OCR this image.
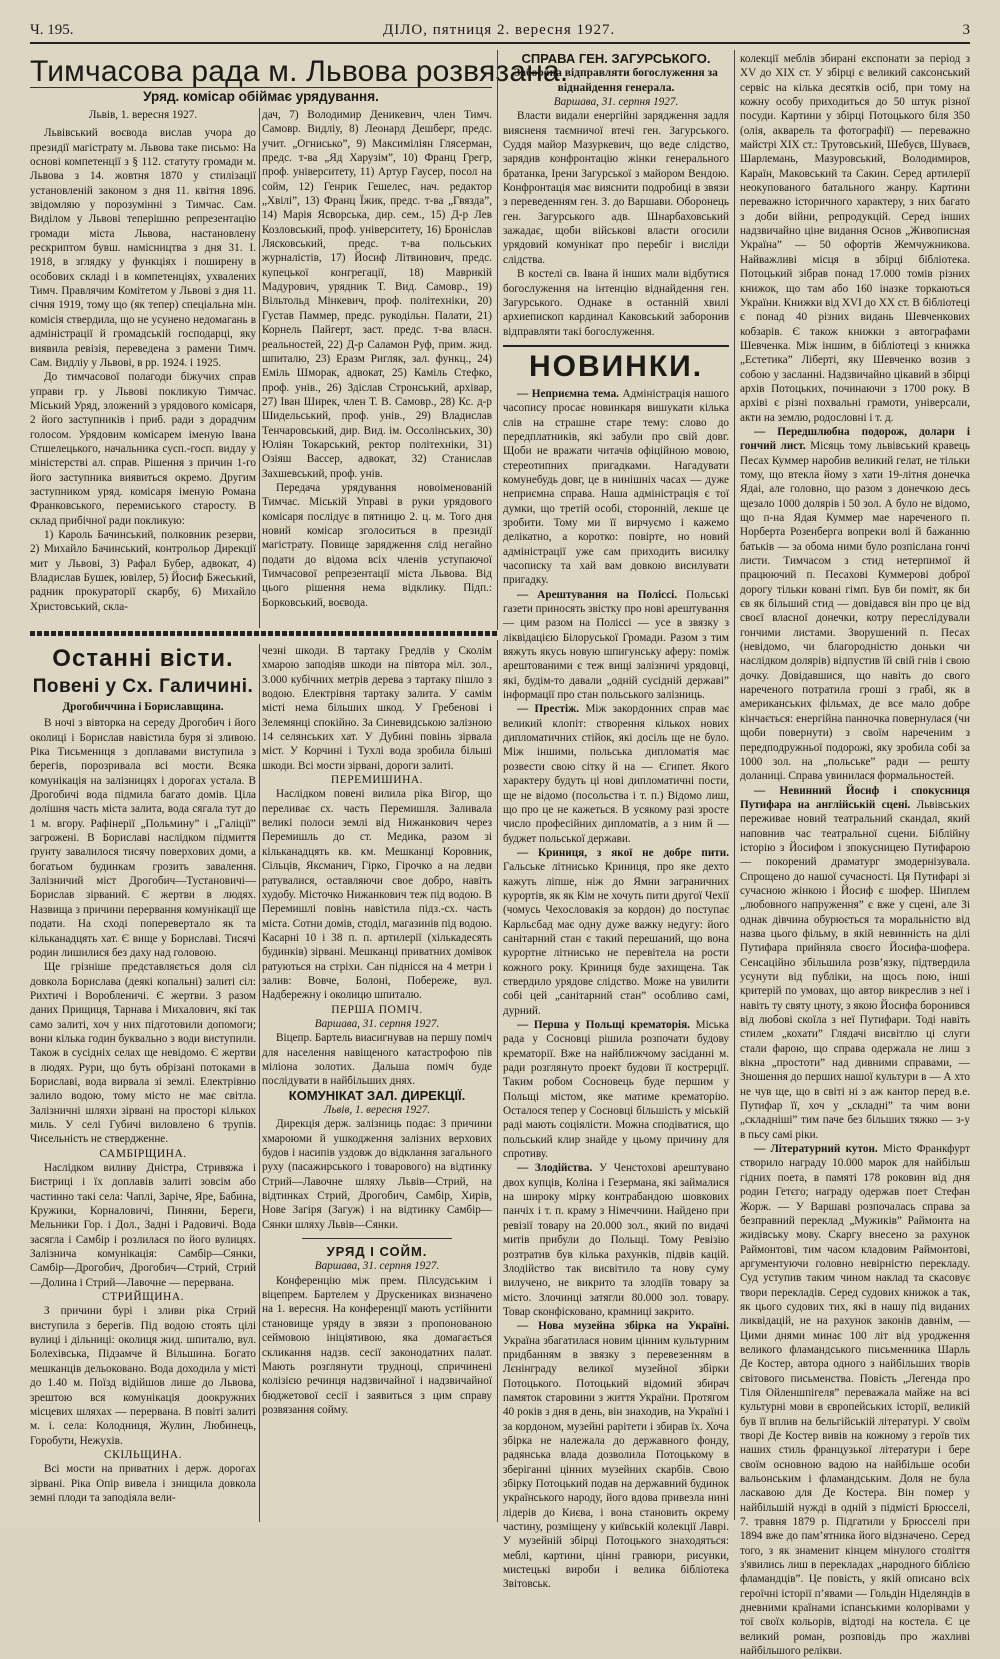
Ч. 195.	ДІЛО, пятниця 2. вересня 1927.	3
Тимчасова рада м. Львова розвязана.
Уряд. комісар обіймає урядування.

Львів, 1. вересня 1927.

Львівський воєвода вислав учора до президії магістрату м. Львова таке письмо: На основі компетенції з § 112. статуту громади м. Львова з 14. жовтня 1870 у стилізації установленій законом з дня 11. квітня 1896. звідомляю у порозумінні з Тимчас. Сам. Виділом у Львові теперішню репрезентацію громади міста Львова, настановлену рескриптом бувш. намісництва з дня 31. I. 1918, в зглядку у функціях і поширену в особових складі і в компетенціях, ухвалених Тимч. Правлячим Комітетом у Львові з дня 11. січня 1919, тому що (як тепер) спеціальна мін. комісія ствердила, що не усунено недомагань в адміністрації й громадській господарці, яку виявила ревізія, переведена з рамени Тимч. Сам. Видліу у Львові, в рр. 1924. і 1925.

До тимчасової полагоди біжучих справ управи гр. у Львові покликую Тимчас. Міський Уряд, зложений з урядового комісаря, 2 його заступників і приб. ради з дорадчим голосом. Урядовим комісарем іменую Івана Стшелецького, начальника сусп.-госп. видлу у міністерстві ал. справ. Рішення з причин 1-го його заступника виявиться окремо. Другим заступником уряд. комісаря іменую Романа Франковського, перемиського старосту. В склад прибічної ради покликую:

1) Кароль Бачинський, полковник резерви, 2) Михайло Бачинський, контрольор Дирекції мит у Львові, 3) Рафал Бубер, адвокат, 4) Владислав Бушек, ювілер, 5) Йосиф Бжеський, радник прокураторії скарбу, 6) Михайло Христовський, скла-

дач, 7) Володимир Деникевич, член Тимч. Самовр. Видліу, 8) Леонард Дешберг, предс. учит. „Огнисько”, 9) Максиміліян Глясерман, предс. т-ва „Яд Харузім”, 10) Франц Грегр, проф. університету, 11) Артур Гаусер, посол на сойм, 12) Генрик Гешелес, нач. редактор „Хвілі”, 13) Франц Їжик, предс. т-ва „Гвязда”, 14) Марія Ясворська, дир. сем., 15) Д-р Лев Козловський, проф. університету, 16) Броніслав Лясковський, предс. т-ва польських журналістів, 17) Йосиф Літвинович, предс. купецької конгрегації, 18) Маврикій Мадурович, урядник Т. Вид. Самовр., 19) Вільтольд Мінкевич, проф. політехніки, 20) Густав Паммер, предс. рукодільн. Палати, 21) Корнель Пайгерт, заст. предс. т-ва власн. реальностей, 22) Д-р Саламон Руф, прим. жид. шпиталю, 23) Еразм Ригляк, зал. функц., 24) Еміль Шморак, адвокат, 25) Каміль Стефко, проф. унів., 26) Здіслав Стронський, архівар, 27) Іван Ширек, член Т. В. Самовр., 28) Кс. д-р Шидельський, проф. унів., 29) Владислав Тенчаровський, дир. Вид. ім. Оссолінських, 30) Юліян Токарський, ректор політехніки, 31) Озіяш Вассер, адвокат, 32) Станислав Захшевський, проф. унів.

Передача урядування новоіменованій Тимчас. Міській Управі в руки урядового комісаря послідує в пятницю 2. ц. м. Того дня новий комісар зголоситься в президії магістрату. Повище зарядження слід негайно подати до відома всіх членів уступаючої Тимчасової репрезентації міста Львова. Від цього рішення нема відклику. Підп.: Борковський, воєвода.

СПРАВА ГЕН. ЗАГУРСЬКОГО.

Заборона відправляти богослуження за віднайдення генерала.

Варшава, 31. серпня 1927.

Власти видали енергійні зарядження задля виясненя таємничої втечі ген. Загурського. Суддя майор Мазуркевич, що веде слідство, зарядив конфронтацію жінки генерального братанка, Ірени Загурської з майором Вендою. Конфронтація має вияснити подробиці в звязи з переведенням ген. З. до Варшави. Оборонець ген. Загурського адв. Шнарбаховський зажадає, щоби військові власти огосили урядовий комунікат про перебіг і висліди слідства.

В костелі св. Івана й інших мали відбутися богослуження на інтенцію віднайдення ген. Загурського. Однаке в останній хвилі архиепископ кардинал Каковський заборонив відправляти такі богослуження.

НОВИНКИ.

— Неприємна тема. Адміністрація нашого часопису просає новинкаря вишукати кілька слів на страшне старе тему: слово до передплатників, які забули про свій довг. Щоби не вражати читачів офіційною мовою, стереотипних пригадками. Нагадувати комунебудь довг, це в нинішніх часах — дуже неприємна справа. Наша адміністрація є тої думки, що третій особі, сторонній, лекше це зробити. Тому ми її вирчуємо і кажемо делікатно, а коротко: повірте, но новий адміністрації уже сам приходить висилку часописку та хай вам довкою висилувати пригадку.

— Арештування на Поліссі. Польські газети приносять звістку про нові арештування — цим разом на Поліссі — усе в звязку з ліквідацією Білоруської Громади. Разом з тим вяжуть якусь новую шпигунську аферу: поміж арештованими є теж вищі залізничі урядовці, які, будім-то давали „одній сусідній державі” інформації про стан польського залізниць.

— Престіж. Між закордонних справ має великий клопіт: створення кількох нових дипломатичних стійок, які досіль ще не було. Між іншими, польська дипломатія має розвести свою сітку й на — Єгипет. Якого характеру будуть ці нові дипломатичні пости, ще не відомо (посольства і т. п.) Відомо лиш, що про це не кажеться. В усякому разі зросте число професійних дипломатів, а з ним й — буджет польської держави.

— Криниця, з якої не добре пити. Гальське літнисько Криниця, про яке дехто кажуть ліпше, ніж до Ямни заграничних курортів, як як Кім не хочуть пити другої Чехії (чомусь Чехословакія за кордон) до поступає Карльсбад має одну дуже важку недугу: його санітарний стан є такий перешаний, що вона курортне літнисько не перевітела на рости кожного року. Криниця буде захищена. Так ствердило урядове слідство. Може на увилити собі цей „санітарний стан” особливо самі, дурний.

— Перша у Польщі крематорія. Міська рада у Сосновці рішила розпочати будову крематорії. Вже на найближчому засіданні м. ради розглянуто проект будови її кострерції. Таким робом Сосновець буде першим у Польщі містом, яке матиме крематорію. Осталося тепер у Сосновці більшість у міській раді мають соціялісти. Можна сподіватися, що польський клир знайде у цьому причину для спротиву.

— Злодійства. У Ченстохові арештувано двох купців, Коліна і Гезермана, які займалися на широку мірку контрабандою шовкових панчіх і т. п. краму з Німеччини. Найдено при ревізії товару на 20.000 зол., який по видачі митів прибули до Польщі. Тому Ревізію розтратив був кілька рахунків, підвів кацій. Злодійство так висвітило та нову суму вилучено, не викрито та злодіїв товару за місто. Злочинці затягли 80.000 зол. товару. Товар сконфісковано, крамниці закрито.

— Нова музейна збірка на Україні. Україна збагатилася новим цінним культурним придбанням в звязку з перевезенням в Лєнінграду великої музейної збірки Потоцького. Потоцький відомий збирач памяток старовини з життя України. Протягом 40 років з дня в день, він знаходив, на Україні і за кордоном, музейні рарітети і збирав їх. Хоча збірка не належала до державного фонду, радянська влада дозволила Потоцькому в зберіганні цінних музейних скарбів. Свою збірку Потоцький подав на державний будинок українського народу, його вдова привезла нині лідерів до Києва, і вона становить окрему частину, розміщену у київській колекції Лаврі. У музейній збірці Потоцького знаходяться: меблі, картини, цінні гравюри, рисунки, мистецькі вироби і велика бібліотека Звітовськ.

колекції меблів збирані експонати за період з XV до XIX ст. У збірці є великий саксонський сервіс на кілька десятків осіб, при тому на кожну особу приходиться до 50 штук різної посуди. Картини у збірці Потоцького біля 350 (олія, акварель та фотографії) — переважно майстрі XIX ст.: Трутовський, Шебуєв, Шуваєв, Шарлемань, Мазуровський, Володимиров, Караїн, Маковський та Сакин. Серед артилерії неокупованого батального жанру. Картини переважно історичного характеру, з них багато з доби війни, репродукцій. Серед інших надзвичайно ціне видання Основ „Живописная Україна” — 50 офортів Жемчужникова. Найважливі місця в збірці бібліотека. Потоцький зібрав понад 17.000 томів різних книжок, що там або 160 іназке торкаються України. Книжки від XVI до XX ст. В бібліотеці є понад 40 різних видань Шевченкових кобзарів. Є також книжки з автографами Шевченка. Між іншим, в бібліотеці з книжка „Естетика” Ліберті, яку Шевченко возив з собою у засланні. Надзвичайно цікавий в збірці архів Потоцьких, починаючи з 1700 року. В архіві є різні похвальні грамоти, універсали, акти на землю, родословні і т. д.

— Передшлюбна подорож, долари і гончий лист. Місяць тому львівський кравець Песах Куммер наробив великий гелат, не тільки тому, що втекла йому з хати 19-літня донечка Ядаі, але головно, що разом з донечкою десь щезало 1000 долярів і 50 зол. А було не відомо, що п-на Ядая Куммер мае нареченого п. Норберта Розенберга вопреки волі й бажанню батьків — за обома ними було розпіслана гончі листи. Тимчасом з стид нетерпимої й працюючий п. Песахові Куммерові доброї дорогу тільки ковані гімп. Був би поміт, як би єв як більший стид — довідався він про це від своєї власної донечки, котру переслідували гончими листами. Зворушений п. Песах (невідомо, чи благородністю доньки чи наслідком долярів) відпустив їй свій гнів і свою дочку. Довідавшися, що навіть до свого нареченого потратила гроші з грабі, як в американських фільмах, де все мало добре кінчається: енергійна панночка повернулася (чи щоби повернути) з своїм нареченим з передподружньої подорожі, яку зробила собі за 1000 зол. на „польське” ради — решту доланиці. Справа увинилася формальностей.

— Невинний Йосиф і спокусниця Путифара на англійській сцені. Львівських переживае новий театральний скандал, який наповнив час театральної сцени. Біблійну історію з Йосифом і зпокусницею Путифарою — покорений драматург змодернізувала. Спрощено до нашої сучасності. Ця Путифарі зі сучасною жінкою і Йосиф є шофер. Шиплем „любовного напруження” є вже у сцені, але Зі однак дівчина обурюється та моральністю від назва цього фільму, в якій невинність на ділі Путифара прийняла своєго Йосифа-шофера. Сенсаційно збільшила розв’язку, підтвердила усунути від публіки, на щось пою, інші критерій по умовах, що автор викреслив з неї і навіть ту святу цноту, з якою Йосифа боронився від любові скоїла з неї Путифари. Тоді навіть стилем „кохати” Глядачі висвітлю ці слуги стали фарою, що справа одержала не лиш з вікна „простоти” над дивними справами, — Зношення до перших нашої культури в — А хто не чув ще, що в світі ні з аж кантор перед в.е. Путифар її, хоч у „складні” та чим вони „складніші” тим паче без більших тяжко — з-у в пьсу самі ріки.

— Літературний кутон. Місто Франкфурт створило награду 10.000 марок для найбільш гідних поета, в памяті 178 роковин від дня родин Гетєго; награду одержав поет Стефан Жорж. — У Варшаві розпочалась справа за безправний переклад „Мужиків” Раймонта на жидівську мову. Скаргу внесено за рахунок Раймонтові, тим часом кладовим Раймонтові, аргументуючи головно невірністю перекладу. Суд уступив таким чином наклад та скасовує твори перекладів. Серед судових книжок а так, як цього судових тих, які в нашу під виданих ликвідацій, не на рахунок законів давнім, — Цими днями минає 100 літ від уродження великого фламандського письменника Шарль Де Костер, автора одного з найбільших творів світового письменства. Повість „Легенда про Тіля Ойленшпігеля” переважала майже на всі культурні мови в європейських історії, великій був її вплив на бельгійській літературі. У своїм творі Де Костер вивів на кожному з героїв тих наших стиль французької літератури і бере своїм основною вадою на найбільше особи вальонським і фламандським. Доля не була ласкавою для Де Костера. Він помер у найбільшій нужді в одній з підмісті Брюсселі, 7. травня 1879 р. Підгатили у Брюсселі при 1894 вже до пам’ятника його відзначено. Серед того, з як знаменит кінцем мінулого століття з'явились лиш в перекладах „народного біблією фламандців”. Це повість, у якій описано всіх героїчні історії п’явами — Гольдін Ніделяндів в дневними країнами іспанськими колорівами у тої своїх кольорів, відтоді на костела. Є це великий роман, розповідь про жахливі найбільшого релікви.

Останні вісти.

Повені у Сх. Галичині.

Дрогобиччина і Бориславщина.

В ночі з вівторка на середу Дрогобич і його околиці і Борислав навістила буря зі зливою. Ріка Тисьмениця з доплавами виступила з берегів, порозривала всі мости. Всяка комунікація на залізницях і дорогах устала. В Дрогобичі вода підмила багато домів. Ціла долішня часть міста залита, вода сягала тут до 1 м. вгору. Рафінерії „Польмину” і „Галіції” загрожені. В Бориславі наслідком підмиття ґрунту завалилося тисячу поверхових доми, а богатьом будинкам грозить завалення. Залізничий міст Дрогобич—Тустановичі—Борислав зірваний. Є жертви в людях. Назвища з причини перервання комунікації ще подати. На сході поперевертало як та кільканадцять хат. Є вище у Бориславі. Тисячі родин лишилися без даху над головою.

Ще грізніше представляється доля сіл довкола Борислава (деякі копальні) залиті сіл: Рихтичі і Воробленичі. Є жертви. З разом даних Прищиця, Тарнава і Михалович, які так само залиті, хоч у них підготовили допомоги; вони кілька годин буквально з води виступили. Також в сусідніх селах ще невідомо. Є жертви в людях. Рури, що буть обрізані потоками в Бориславі, вода вирвала зі землі. Електрівню залило водою, тому місто не має світла. Залізничні шляхи зірвані на просторі кількох миль. У селі Губичі виловлено 6 трупів. Чисельність не ствердженне.

САМБІРЩИНА.

Наслідком виливу Дністра, Стривяжа і Бистриці і їх доплавів залиті зовсім або частинно такі села: Чаплі, Заріче, Яре, Бабина, Кружики, Корналовичі, Пиняни, Береги, Мельники Гор. і Дол., Задні і Радовичі. Вода засягла і Самбір і розлилася по його вулицях. Залізнича комунікація: Самбір—Сянки, Самбір—Дрогобич, Дрогобич—Стрий, Стрий—Долина і Стрий—Лавочне — перервана.

СТРИЙЩИНА.

З причини бурі і зливи ріка Стрий виступила з берегів. Під водою стоять цілі вулиці і дільниці: околиця жид. шпиталю, вул. Болехівська, Підзамче й Вільшина. Богато мешканців дельоковано. Вода доходила у місті до 1.40 м. Поїзд відійшов лише до Львова, зрештою вся комунікація доокружних місцевих шляхах — перервана. В повіті залиті м. і. села: Колодниця, Жулин, Любинець, Горобути, Нежухів.

СКІЛЬЩИНА.

Всі мости на приватних і держ. дорогах зірвані. Ріка Опір вивела і знищила довкола земні плоди та заподіяла вели-

чезні шкоди. В тартаку Гредлів у Сколім хмарою заподіяв шкоди на півтора міл. зол., 3.000 кубічних метрів дерева з тартаку пішло з водою. Електрівня тартаку залита. У самім місті нема більших шкод. У Гребенові і Зелемянці спокійно. За Синевидською залізною 14 селянських хат. У Дубині повінь зірвала міст. У Корчині і Тухлі вода зробила більші шкоди. Всі мости зірвані, дороги залиті.

ПЕРЕМИШИНА.

Наслідком повені вилила ріка Вігор, що переливає сх. часть Перемишля. Заливала великі полоси землі від Нижанкович через Перемишль до ст. Медика, разом зі кільканадцять кв. км. Мешканці Коровник, Сільців, Яксманич, Гірко, Гірочко а на ледви ратувалися, оставляючи свое добро, навіть худобу. Місточко Нижанкович теж під водою. В Перемишлі повінь навістила підз.-сх. часть міста. Сотни домів, стоділ, магазинів під водою. Касарні 10 і 38 п. п. артилерії (хількадесять будинків) зірвані. Мешканці приватних домівок ратуються на стріхи. Сан піднісся на 4 метри і залив: Вовче, Болоні, Побереже, вул. Надбережну і околицю шпиталю.

ПЕРША ПОМІЧ.

Варшава, 31. серпня 1927.

Віцепр. Бартель виасигнував на першу поміч для населення навіщеного катастрофою пів міліона золотих. Дальша поміч буде послідувати в найбільших днях.

КОМУНІКАТ ЗАЛ. ДИРЕКЦІЇ.

Львів, 1. вересня 1927.

Дирекція держ. залізниць подає: З причини хмароюми й ушкодження залізних верхових будов і насипів уздовж до відклання загального руху (пасажирського і товарового) на відтинку Стрий—Лавочне шляху Львів—Стрий, на відтинках Стрий, Дрогобич, Самбір, Хирів, Нове Загіря (Загуж) і на відтинку Самбір—Сянки шляху Львів—Сянки.

УРЯД І СОЙМ.

Варшава, 31. серпня 1927.

Конференцію між прем. Пілсудським і віцепрем. Бартелем у Друскениках визначено на 1. вересня. На конференції мають устійнити становище уряду в звязи з пропонованою сеймовою ініціятивою, яка домагається скликання надзв. сесії законодатних палат. Мають розглянути трудноці, спричинені колізією речинця надзвичайної і надзвичайної бюджетової сесії і заявиться з цим справу розвязання сойму.
